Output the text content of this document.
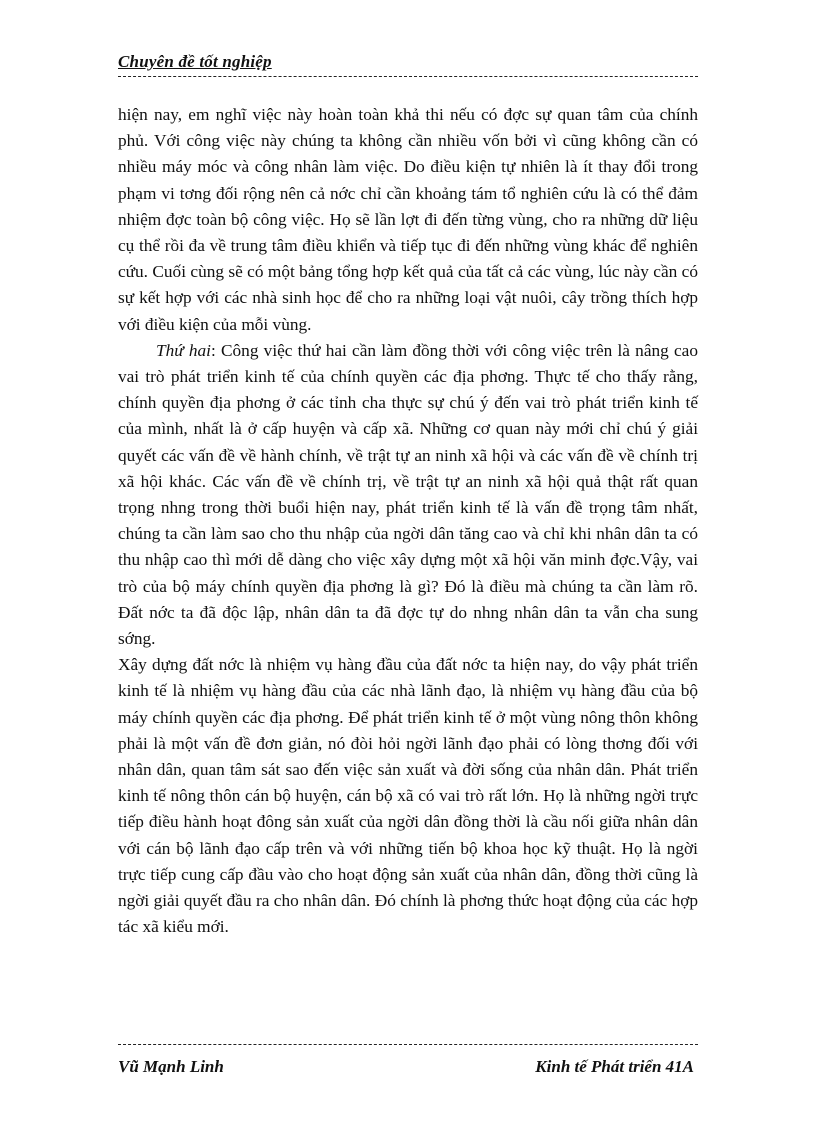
Chuyên đề tốt nghiệp

hiện nay, em nghĩ việc này hoàn toàn khả thi nếu có đợc sự quan tâm của chính phủ. Với công việc này chúng ta không cần nhiều vốn bởi vì cũng không cần có nhiều máy móc và công nhân làm việc. Do điều kiện tự nhiên là ít thay đổi trong phạm vi tơng đối rộng nên cả nớc chỉ cần khoảng tám tổ nghiên cứu là có thể đảm nhiệm đợc toàn bộ công việc. Họ sẽ lần lợt đi đến từng vùng, cho ra những dữ liệu cụ thể rồi đa về trung tâm điều khiển và tiếp tục đi đến những vùng khác để nghiên cứu. Cuối cùng sẽ có một bảng tổng hợp kết quả của tất cả các vùng, lúc này cần có sự kết hợp với các nhà sinh học để cho ra những loại vật nuôi, cây trồng thích hợp với điều kiện của mỗi vùng.

Thứ hai: Công việc thứ hai cần làm đồng thời với công việc trên là nâng cao vai trò phát triển kinh tế của chính quyền các địa phơng. Thực tế cho thấy rằng, chính quyền địa phơng ở các tỉnh cha thực sự chú ý đến vai trò phát triển kinh tế của mình, nhất là ở cấp huyện và cấp xã. Những cơ quan này mới chỉ chú ý giải quyết các vấn đề về hành chính, về trật tự an ninh xã hội và các vấn đề về chính trị xã hội khác. Các vấn đề về chính trị, về trật tự an ninh xã hội quả thật rất quan trọng nhng trong thời buổi hiện nay, phát triển kinh tế là vấn đề trọng tâm nhất, chúng ta cần làm sao cho thu nhập của ngời dân tăng cao và chỉ khi nhân dân ta có thu nhập cao thì mới dễ dàng cho việc xây dựng một xã hội văn minh đợc.Vậy, vai trò của bộ máy chính quyền địa phơng là gì? Đó là điều mà chúng ta cần làm rõ. Đất nớc ta đã độc lập, nhân dân ta đã đợc tự do nhng nhân dân ta vẫn cha sung sớng.

Xây dựng đất nớc là nhiệm vụ hàng đầu của đất nớc ta hiện nay, do vậy phát triển kinh tế là nhiệm vụ hàng đầu của các nhà lãnh đạo, là nhiệm vụ hàng đầu của bộ máy chính quyền các địa phơng. Để phát triển kinh tế ở một vùng nông thôn không phải là một vấn đề đơn giản, nó đòi hỏi ngời lãnh đạo phải có lòng thơng đối với nhân dân, quan tâm sát sao đến việc sản xuất và đời sống của nhân dân. Phát triển kinh tế nông thôn cán bộ huyện, cán bộ xã có vai trò rất lớn. Họ là những ngời trực tiếp điều hành hoạt đông sản xuất của ngời dân đồng thời là cầu nối giữa nhân dân với cán bộ lãnh đạo cấp trên và với những tiến bộ khoa học kỹ thuật. Họ là ngời trực tiếp cung cấp đầu vào cho hoạt động sản xuất của nhân dân, đồng thời cũng là ngời giải quyết đầu ra cho nhân dân. Đó chính là phơng thức hoạt động của các hợp tác xã kiểu mới.

Vũ Mạnh Linh	Kinh tế Phát triển 41A
